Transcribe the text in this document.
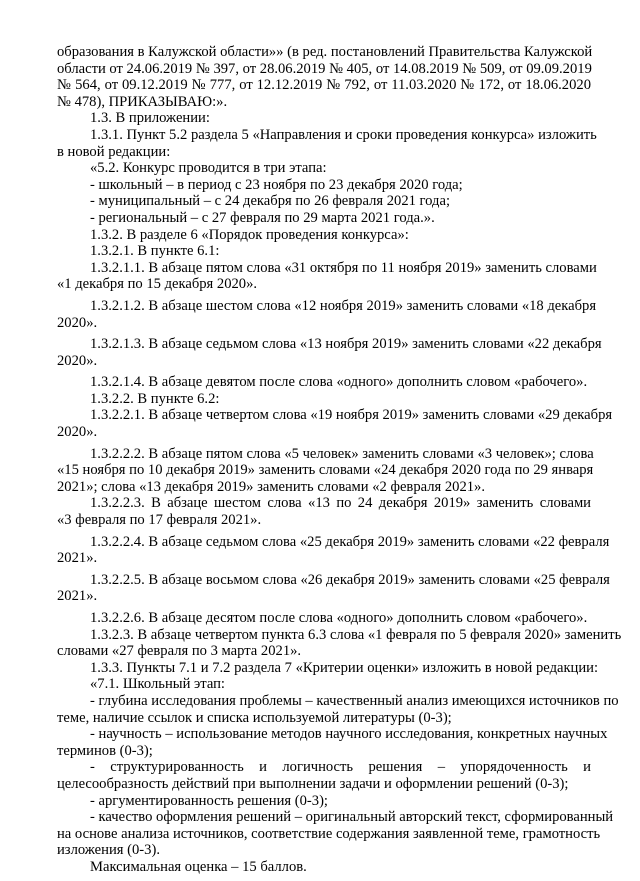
образования в Калужской области»» (в ред. постановлений Правительства Калужской
области от 24.06.2019 № 397, от 28.06.2019 № 405, от 14.08.2019 № 509, от 09.09.2019
№ 564, от 09.12.2019 № 777, от 12.12.2019 № 792, от 11.03.2020 № 172, от 18.06.2020
№ 478), ПРИКАЗЫВАЮ:».
1.3. В приложении:
1.3.1. Пункт 5.2 раздела 5 «Направления и сроки проведения конкурса» изложить
в новой редакции:
«5.2. Конкурс проводится в три этапа:
- школьный – в период с 23 ноября по 23 декабря 2020 года;
- муниципальный – с 24 декабря по 26 февраля 2021 года;
- региональный – с 27 февраля по 29 марта 2021 года.».
1.3.2. В разделе 6 «Порядок проведения конкурса»:
1.3.2.1. В пункте 6.1:
1.3.2.1.1. В абзаце пятом слова «31 октября по 11 ноября 2019» заменить словами
«1 декабря по 15 декабря 2020».
1.3.2.1.2. В абзаце шестом слова «12 ноября 2019» заменить словами «18 декабря
2020».
1.3.2.1.3. В абзаце седьмом слова «13 ноября 2019» заменить словами «22 декабря
2020».
1.3.2.1.4. В абзаце девятом после слова «одного» дополнить словом «рабочего».
1.3.2.2. В пункте 6.2:
1.3.2.2.1. В абзаце четвертом слова «19 ноября 2019» заменить словами «29 декабря
2020».
1.3.2.2.2. В абзаце пятом слова «5 человек» заменить словами «3 человек»; слова
«15 ноября по 10 декабря 2019» заменить словами «24 декабря 2020 года по 29 января
2021»; слова «13 декабря 2019» заменить словами «2 февраля 2021».
1.3.2.2.3. В абзаце шестом слова «13 по 24 декабря 2019» заменить словами
«3 февраля по 17 февраля 2021».
1.3.2.2.4. В абзаце седьмом слова «25 декабря 2019» заменить словами «22 февраля
2021».
1.3.2.2.5. В абзаце восьмом слова «26 декабря 2019» заменить словами «25 февраля
2021».
1.3.2.2.6. В абзаце десятом после слова «одного» дополнить словом «рабочего».
1.3.2.3. В абзаце четвертом пункта 6.3 слова «1 февраля по 5 февраля 2020» заменить
словами «27 февраля по 3 марта 2021».
1.3.3. Пункты 7.1 и 7.2 раздела 7 «Критерии оценки» изложить в новой редакции:
«7.1. Школьный этап:
- глубина исследования проблемы – качественный анализ имеющихся источников по
теме, наличие ссылок и списка используемой литературы (0-3);
- научность – использование методов научного исследования, конкретных научных
терминов (0-3);
- структурированность и логичность решения – упорядоченность и
целесообразность действий при выполнении задачи и оформлении решений (0-3);
- аргументированность решения (0-3);
- качество оформления решений – оригинальный авторский текст, сформированный
на основе анализа источников, соответствие содержания заявленной теме, грамотность
изложения (0-3).
Максимальная оценка – 15 баллов.
